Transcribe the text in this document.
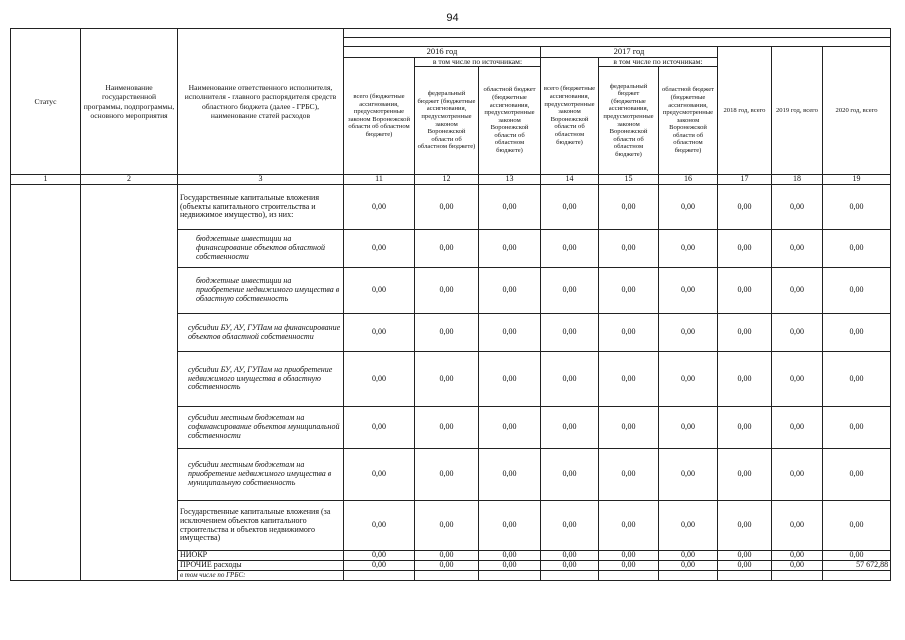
94
Статус	Наименование государственной программы, подпрограммы, основного мероприятия	Наименование ответственного исполнителя, исполнителя - главного распорядителя средств областного бюджета (далее - ГРБС), наименование статей расходов									

			2016 год			2017 год			2018 год, всего	2019 год, всего	2020 год, всего
			всего (бюджетные ассигнования, предусмотренные законом Воронежской области об областном бюджете)	в том числе по источникам:		всего (бюджетные ассигнования, предусмотренные законом Воронежской области об областном бюджете)	в том числе по источникам:				
				федеральный бюджет (бюджетные ассигнования, предусмотренные законом Воронежской области об областном бюджете)	областной бюджет (бюджетные ассигнования, предусмотренные законом Воронежской области об областном бюджете)		федеральный бюджет (бюджетные ассигнования, предусмотренные законом Воронежской области об областном бюджете)	областной бюджет (бюджетные ассигнования, предусмотренные законом Воронежской области об областном бюджете)			
1	2	3	11	12	13	14	15	16	17	18	19
		Государственные капитальные вложения (объекты капитального строительства и недвижимое имущество), из них:	0,00	0,00	0,00	0,00	0,00	0,00	0,00	0,00	0,00
		бюджетные инвестиции на финансирование объектов областной собственности	0,00	0,00	0,00	0,00	0,00	0,00	0,00	0,00	0,00
		бюджетные инвестиции на приобретение недвижимого имущества в областную собственность	0,00	0,00	0,00	0,00	0,00	0,00	0,00	0,00	0,00
		субсидии БУ, АУ, ГУПам на финансирование объектов областной собственности	0,00	0,00	0,00	0,00	0,00	0,00	0,00	0,00	0,00
		субсидии БУ, АУ, ГУПам на приобретение недвижимого имущества в областную собственность	0,00	0,00	0,00	0,00	0,00	0,00	0,00	0,00	0,00
		субсидии местным бюджетам на софинансирование объектов муниципальной собственности	0,00	0,00	0,00	0,00	0,00	0,00	0,00	0,00	0,00
		субсидии местным бюджетам на приобретение недвижимого имущества в муниципальную собственность	0,00	0,00	0,00	0,00	0,00	0,00	0,00	0,00	0,00
		Государственные капитальные вложения (за исключением объектов капитального строительства и объектов недвижимого имущества)	0,00	0,00	0,00	0,00	0,00	0,00	0,00	0,00	0,00
		НИОКР	0,00	0,00	0,00	0,00	0,00	0,00	0,00	0,00	0,00
		ПРОЧИЕ расходы	0,00	0,00	0,00	0,00	0,00	0,00	0,00	0,00	57 672,88
		в том числе по ГРБС:									
